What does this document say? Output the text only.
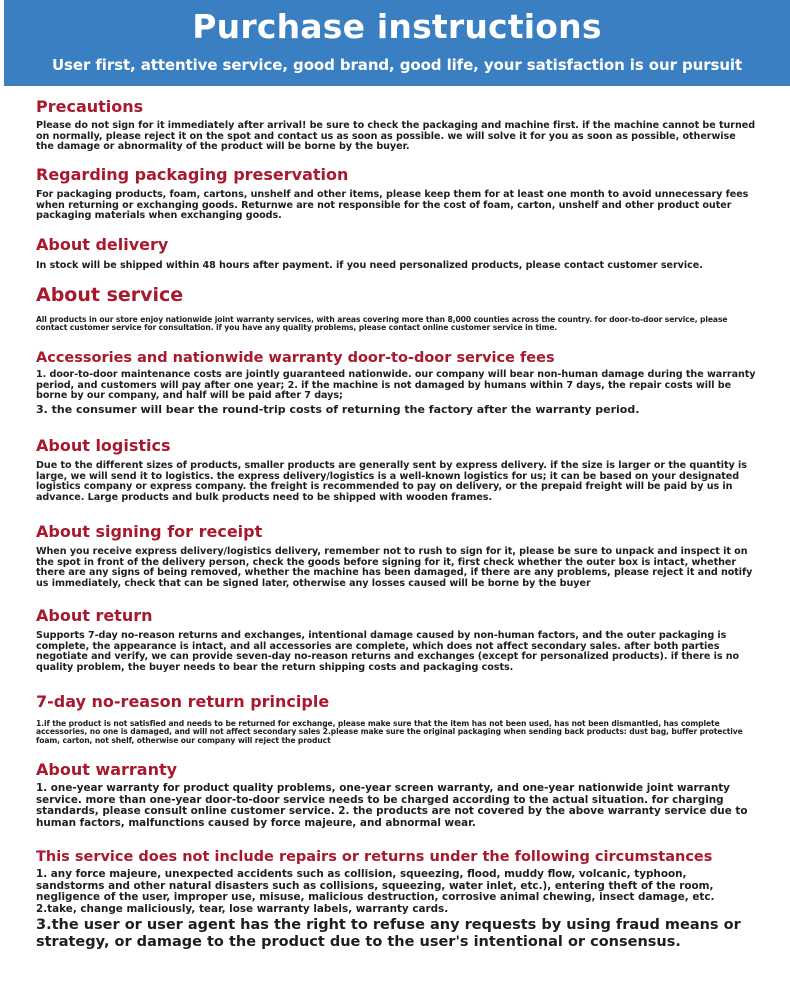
Purchase instructions
User first, attentive service, good brand, good life, your satisfaction is our pursuit
Precautions

Please do not sign for it immediately after arrival! be sure to check the packaging and machine first. if the machine cannot be turned on normally, please reject it on the spot and contact us as soon as possible. we will solve it for you as soon as possible, otherwise the damage or abnormality of the product will be borne by the buyer.

Regarding packaging preservation

For packaging products, foam, cartons, unshelf and other items, please keep them for at least one month to avoid unnecessary fees when returning or exchanging goods. Returnwe are not responsible for the cost of foam, carton, unshelf and other product outer packaging materials when exchanging goods.

About delivery

In stock will be shipped within 48 hours after payment. if you need personalized products, please contact customer service.

About service

All products in our store enjoy nationwide joint warranty services, with areas covering more than 8,000 counties across the country. for door-to-door service, please contact customer service for consultation. if you have any quality problems, please contact online customer service in time.

Accessories and nationwide warranty door-to-door service fees

1. door-to-door maintenance costs are jointly guaranteed nationwide. our company will bear non-human damage during the warranty period, and customers will pay after one year; 2. if the machine is not damaged by humans within 7 days, the repair costs will be borne by our company, and half will be paid after 7 days;

3. the consumer will bear the round-trip costs of returning the factory after the warranty period.

About logistics

Due to the different sizes of products, smaller products are generally sent by express delivery. if the size is larger or the quantity is large, we will send it to logistics. the express delivery/logistics is a well-known logistics for us; it can be based on your designated logistics company or express company. the freight is recommended to pay on delivery, or the prepaid freight will be paid by us in advance. Large products and bulk products need to be shipped with wooden frames.

About signing for receipt

When you receive express delivery/logistics delivery, remember not to rush to sign for it, please be sure to unpack and inspect it on the spot in front of the delivery person, check the goods before signing for it, first check whether the outer box is intact, whether there are any signs of being removed, whether the machine has been damaged, if there are any problems, please reject it and notify us immediately, check that can be signed later, otherwise any losses caused will be borne by the buyer

About return

Supports 7-day no-reason returns and exchanges, intentional damage caused by non-human factors, and the outer packaging is complete, the appearance is intact, and all accessories are complete, which does not affect secondary sales. after both parties negotiate and verify, we can provide seven-day no-reason returns and exchanges (except for personalized products). if there is no quality problem, the buyer needs to bear the return shipping costs and packaging costs.

7-day no-reason return principle

1.if the product is not satisfied and needs to be returned for exchange, please make sure that the item has not been used, has not been dismantled, has complete accessories, no one is damaged, and will not affect secondary sales 2.please make sure the original packaging when sending back products: dust bag, buffer protective foam, carton, not shelf, otherwise our company will reject the product

About warranty

1. one-year warranty for product quality problems, one-year screen warranty, and one-year nationwide joint warranty service. more than one-year door-to-door service needs to be charged according to the actual situation. for charging standards, please consult online customer service. 2. the products are not covered by the above warranty service due to human factors, malfunctions caused by force majeure, and abnormal wear.

This service does not include repairs or returns under the following circumstances

1. any force majeure, unexpected accidents such as collision, squeezing, flood, muddy flow, volcanic, typhoon, sandstorms and other natural disasters such as collisions, squeezing, water inlet, etc.), entering theft of the room, negligence of the user, improper use, misuse, malicious destruction, corrosive animal chewing, insect damage, etc. 2.take, change maliciously, tear, lose warranty labels, warranty cards.

3.the user or user agent has the right to refuse any requests by using fraud means or strategy, or damage to the product due to the user's intentional or consensus.
